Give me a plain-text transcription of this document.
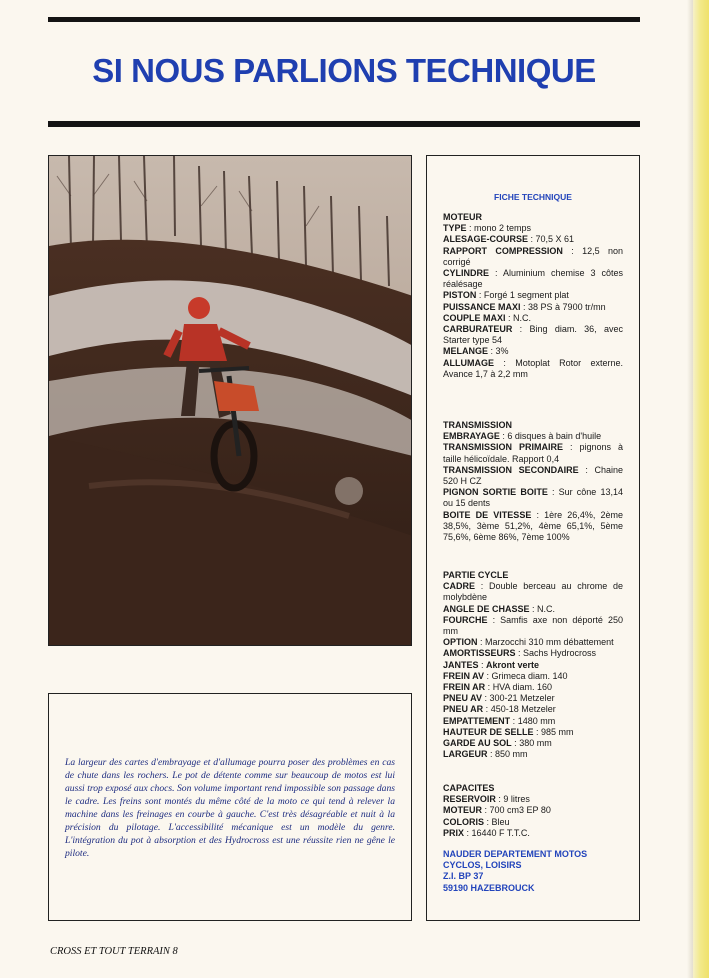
SI NOUS PARLIONS TECHNIQUE
La largeur des cartes d'embrayage et d'allumage pourra poser des problèmes en cas de chute dans les rochers. Le pot de détente comme sur beaucoup de motos est lui aussi trop exposé aux chocs. Son volume important rend impossible son passage dans le cadre. Les freins sont montés du même côté de la moto ce qui tend à relever la machine dans les freinages en courbe à gauche. C'est très désagréable et nuit à la précision du pilotage. L'accessibilité mécanique est un modèle du genre. L'intégration du pot à absorption et des Hydrocross est une réussite rien ne gêne le pilote.
FICHE TECHNIQUE
MOTEUR
TYPE : mono 2 temps
ALESAGE-COURSE : 70,5 X 61
RAPPORT COMPRESSION : 12,5 non corrigé
CYLINDRE : Aluminium chemise 3 côtes réalésage
PISTON : Forgé 1 segment plat
PUISSANCE MAXI : 38 PS à 7900 tr/mn
COUPLE MAXI : N.C.
CARBURATEUR : Bing diam. 36, avec Starter type 54
MELANGE : 3%
ALLUMAGE : Motoplat Rotor externe. Avance 1,7 à 2,2 mm
TRANSMISSION
EMBRAYAGE : 6 disques à bain d'huile
TRANSMISSION PRIMAIRE : pignons à taille hélicoïdale. Rapport 0,4
TRANSMISSION SECONDAIRE : Chaine 520 H CZ
PIGNON SORTIE BOITE : Sur cône 13,14 ou 15 dents
BOITE DE VITESSE : 1ère 26,4%, 2ème 38,5%, 3ème 51,2%, 4ème 65,1%, 5ème 75,6%, 6ème 86%, 7ème 100%
PARTIE CYCLE
CADRE : Double berceau au chrome de molybdène
ANGLE DE CHASSE : N.C.
FOURCHE : Samfis axe non déporté 250 mm
OPTION : Marzocchi 310 mm débattement
AMORTISSEURS : Sachs Hydrocross
JANTES : Akront verte
FREIN AV : Grimeca diam. 140
FREIN AR : HVA diam. 160
PNEU AV : 300-21 Metzeler
PNEU AR : 450-18 Metzeler
EMPATTEMENT : 1480 mm
HAUTEUR DE SELLE : 985 mm
GARDE AU SOL : 380 mm
LARGEUR : 850 mm
CAPACITES
RESERVOIR : 9 litres
MOTEUR : 700 cm3 EP 80
COLORIS : Bleu
PRIX : 16440 F T.T.C.
NAUDER DEPARTEMENT MOTOS
CYCLOS, LOISIRS
Z.I. BP 37
59190 HAZEBROUCK
CROSS ET TOUT TERRAIN 8
